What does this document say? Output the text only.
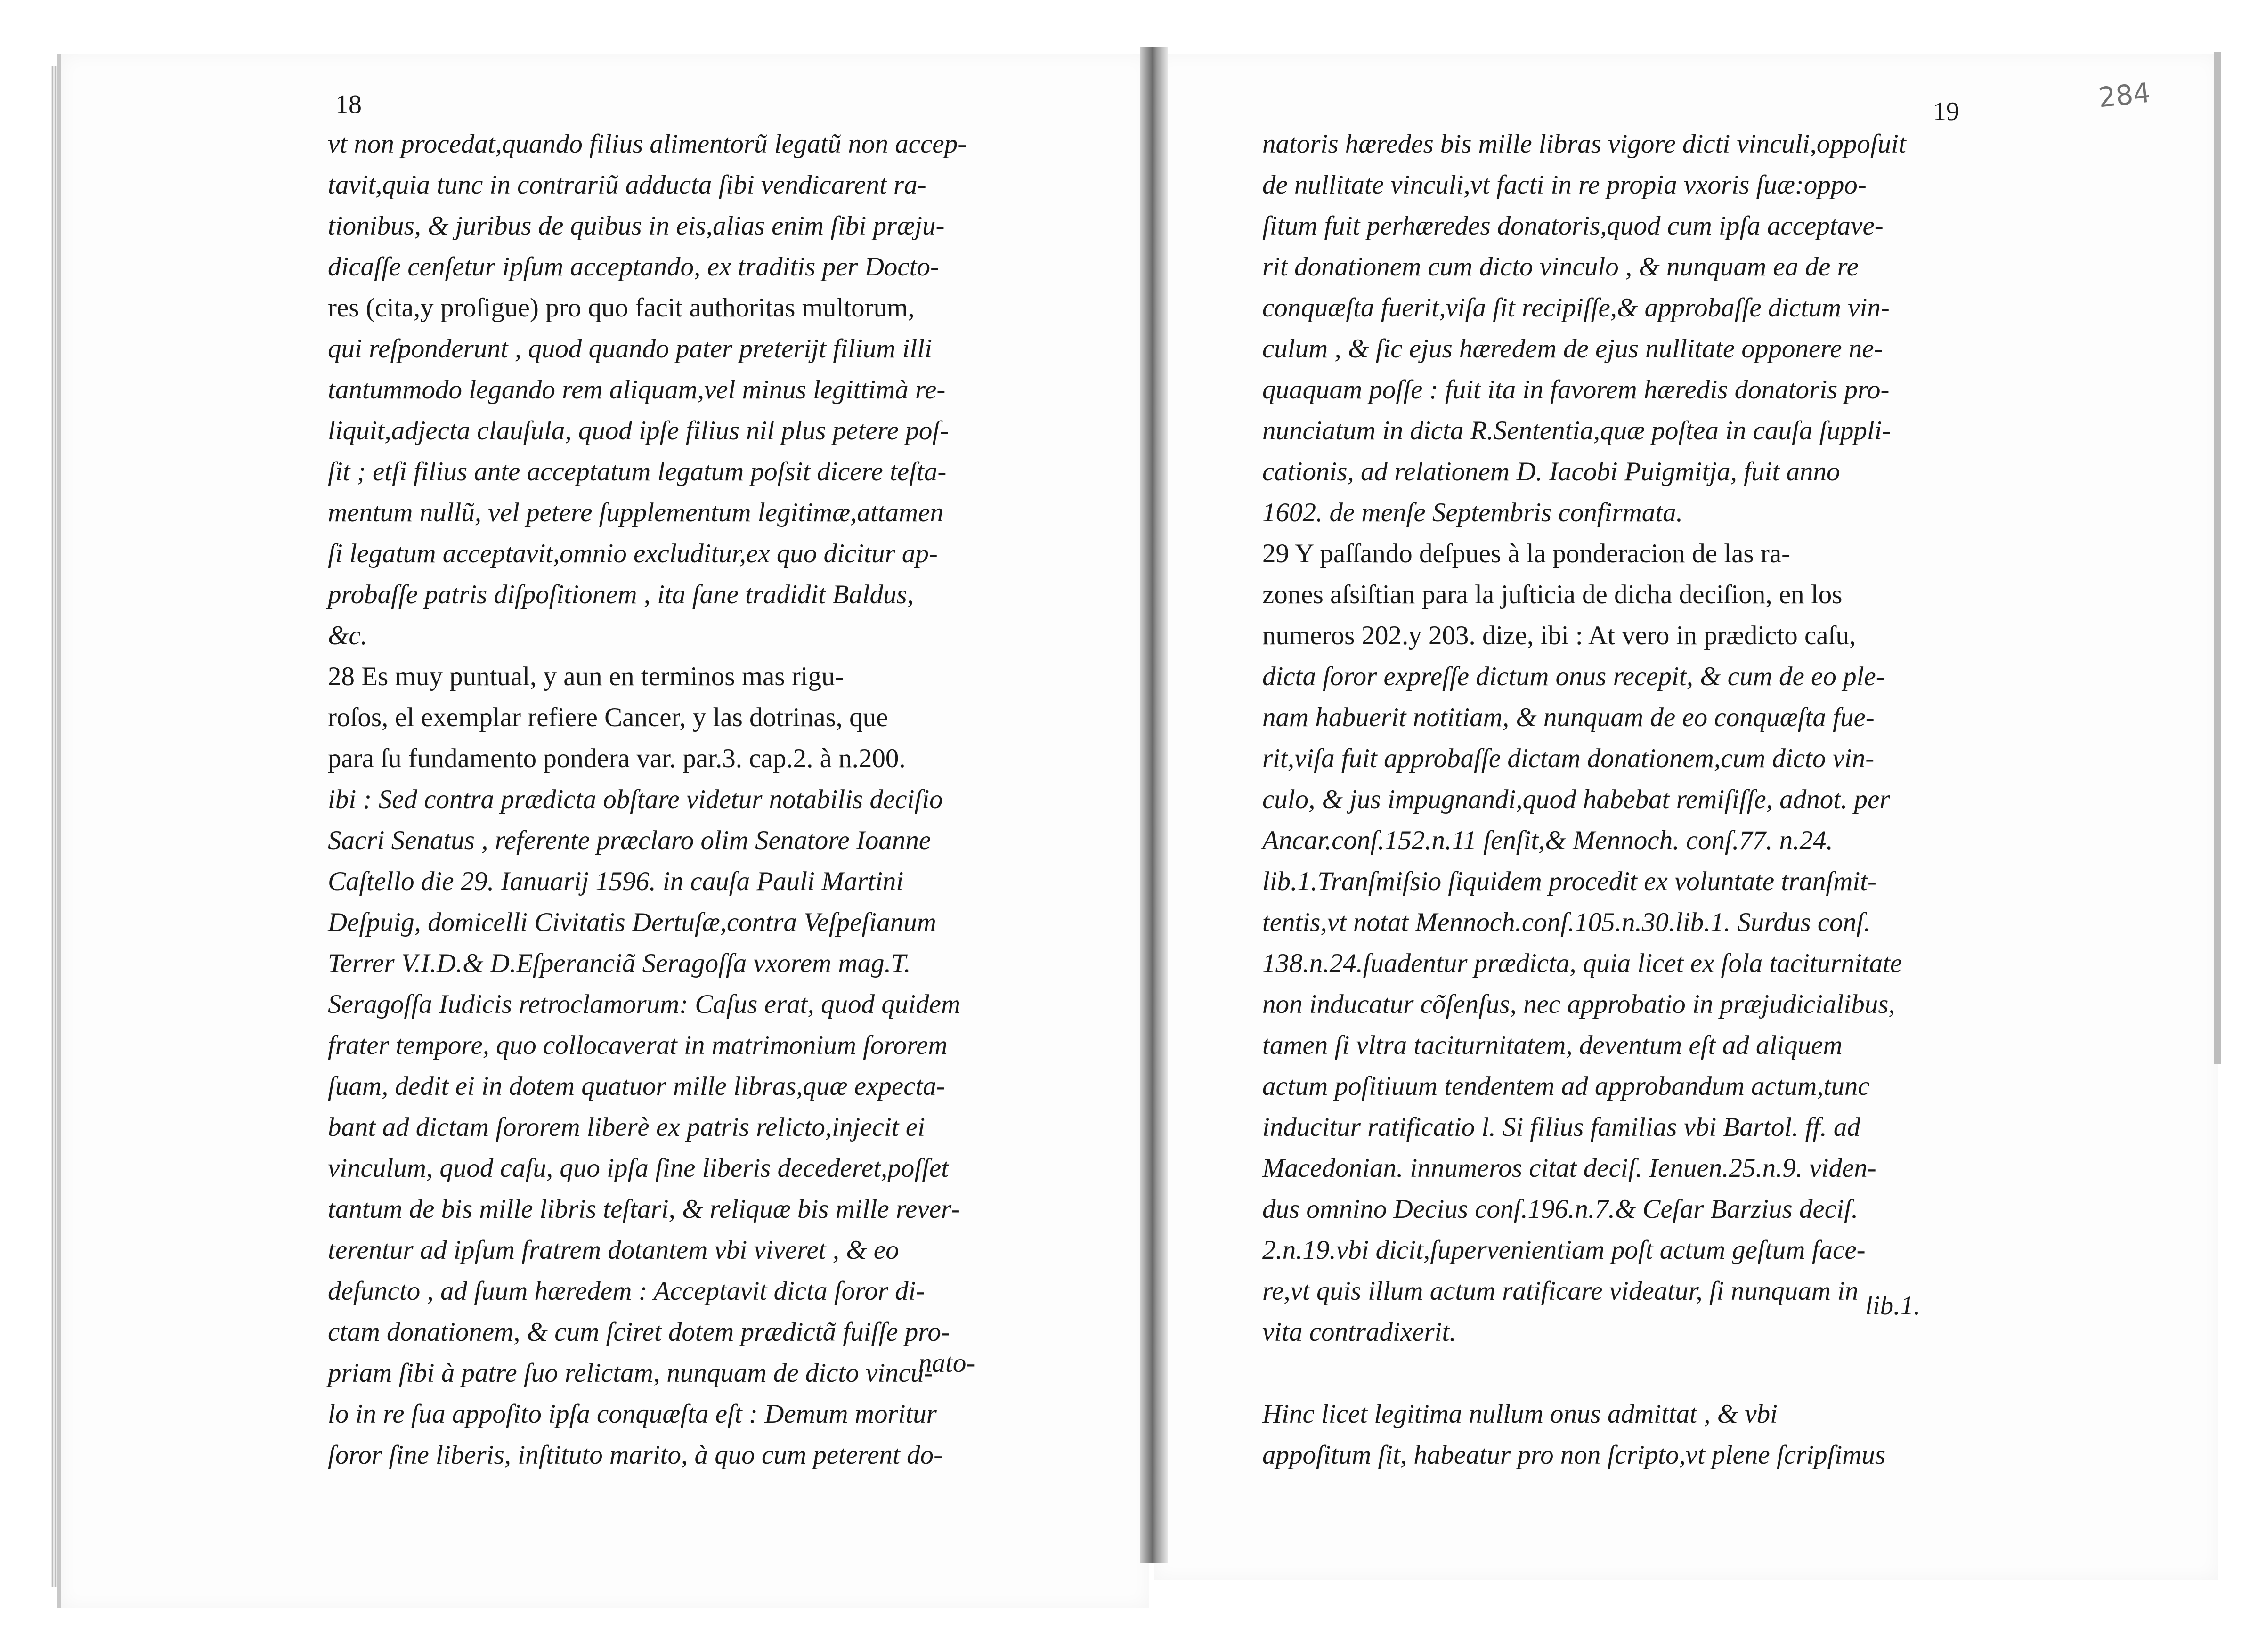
18	19	284
vt non procedat,quando filius alimentorũ legatũ non accep-
tavit,quia tunc in contrariũ adducta ſibi vendicarent ra-
tionibus, & juribus de quibus in eis,alias enim ſibi præju-
dicaſſe cenſetur ipſum acceptando, ex traditis per Docto-
res (cita,y proſigue) pro quo facit authoritas multorum,
qui reſponderunt , quod quando pater preterijt filium illi
tantummodo legando rem aliquam,vel minus legittimà re-
liquit,adjecta clauſula, quod ipſe filius nil plus petere poſ-
ſit ; etſi filius ante acceptatum legatum poſsit dicere teſta-
mentum nullũ, vel petere ſupplementum legitimæ,attamen
ſi legatum acceptavit,omnio excluditur,ex quo dicitur ap-
probaſſe patris diſpoſitionem , ita ſane tradidit Baldus,
&c.
28 Es muy puntual, y aun en terminos mas rigu-
roſos, el exemplar refiere Cancer, y las dotrinas, que
para ſu fundamento pondera var. par.3. cap.2. à n.200.
ibi : Sed contra prædicta obſtare videtur notabilis deciſio
Sacri Senatus , referente præclaro olim Senatore Ioanne
Caſtello die 29. Ianuarij 1596. in cauſa Pauli Martini
Deſpuig, domicelli Civitatis Dertuſæ,contra Veſpeſianum
Terrer V.I.D.& D.Eſperanciã Seragoſſa vxorem mag.T.
Seragoſſa Iudicis retroclamorum: Caſus erat, quod quidem
frater tempore, quo collocaverat in matrimonium ſororem
ſuam, dedit ei in dotem quatuor mille libras,quæ expecta-
bant ad dictam ſororem liberè ex patris relicto,injecit ei
vinculum, quod caſu, quo ipſa ſine liberis decederet,poſſet
tantum de bis mille libris teſtari, & reliquæ bis mille rever-
terentur ad ipſum fratrem dotantem vbi viveret , & eo
defuncto , ad ſuum hæredem : Acceptavit dicta ſoror di-
ctam donationem, & cum ſciret dotem prædictã fuiſſe pro-
priam ſibi à patre ſuo relictam, nunquam de dicto vincu-
lo in re ſua appoſito ipſa conquæſta eſt : Demum moritur
ſoror ſine liberis, inſtituto marito, à quo cum peterent do-
nato-
natoris hæredes bis mille libras vigore dicti vinculi,oppoſuit
de nullitate vinculi,vt facti in re propia vxoris ſuæ:oppo-
ſitum fuit perhæredes donatoris,quod cum ipſa acceptave-
rit donationem cum dicto vinculo , & nunquam ea de re
conquæſta fuerit,viſa ſit recipiſſe,& approbaſſe dictum vin-
culum , & ſic ejus hæredem de ejus nullitate opponere ne-
quaquam poſſe : fuit ita in favorem hæredis donatoris pro-
nunciatum in dicta R.Sententia,quæ poſtea in cauſa ſuppli-
cationis, ad relationem D. Iacobi Puigmitja, fuit anno
1602. de menſe Septembris confirmata.
29 Y paſſando deſpues à la ponderacion de las ra-
zones aſsiſtian para la juſticia de dicha deciſion, en los
numeros 202.y 203. dize, ibi : At vero in prædicto caſu,
dicta ſoror expreſſe dictum onus recepit, & cum de eo ple-
nam habuerit notitiam, & nunquam de eo conquæſta fue-
rit,viſa fuit approbaſſe dictam donationem,cum dicto vin-
culo, & jus impugnandi,quod habebat remiſiſſe, adnot. per
Ancar.conſ.152.n.11 ſenſit,& Mennoch. conſ.77. n.24.
lib.1.Tranſmiſsio ſiquidem procedit ex voluntate tranſmit-
tentis,vt notat Mennoch.conſ.105.n.30.lib.1. Surdus conſ.
138.n.24.ſuadentur prædicta, quia licet ex ſola taciturnitate
non inducatur cõſenſus, nec approbatio in præjudicialibus,
tamen ſi vltra taciturnitatem, deventum eſt ad aliquem
actum poſitiuum tendentem ad approbandum actum,tunc
inducitur ratificatio l. Si filius familias vbi Bartol. ff. ad
Macedonian. innumeros citat deciſ. Ienuen.25.n.9. viden-
dus omnino Decius conſ.196.n.7.& Ceſar Barzius deciſ.
2.n.19.vbi dicit,ſupervenientiam poſt actum geſtum face-
re,vt quis illum actum ratificare videatur, ſi nunquam in
vita contradixerit.
Hinc licet legitima nullum onus admittat , & vbi
appoſitum ſit, habeatur pro non ſcripto,vt plene ſcripſimus
lib.1.
